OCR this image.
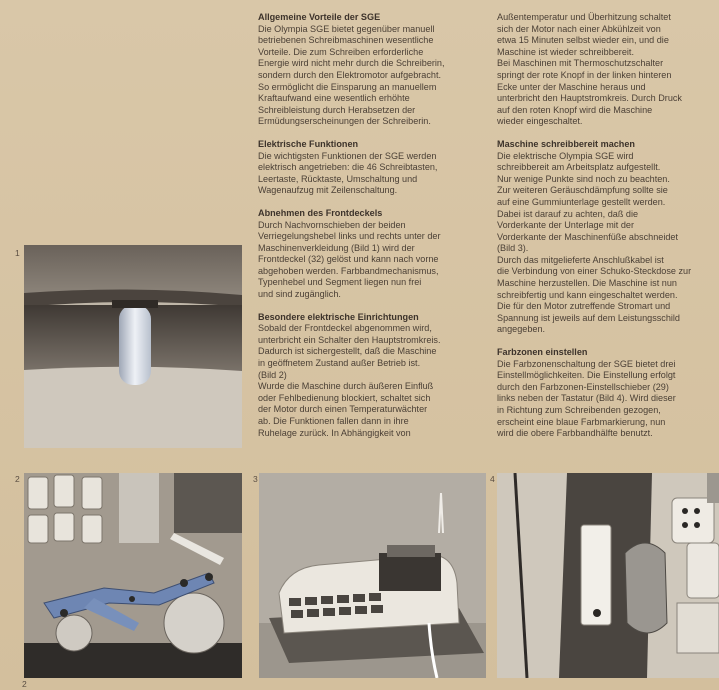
Allgemeine Vorteile der SGE

Die Olympia SGE bietet gegenüber manuell
betriebenen Schreibmaschinen wesentliche
Vorteile. Die zum Schreiben erforderliche
Energie wird nicht mehr durch die Schreiberin,
sondern durch den Elektromotor aufgebracht.
So ermöglicht die Einsparung an manuellem
Kraftaufwand eine wesentlich erhöhte
Schreibleistung durch Herabsetzen der
Ermüdungserscheinungen der Schreiberin.

Elektrische Funktionen

Die wichtigsten Funktionen der SGE werden
elektrisch angetrieben: die 46 Schreibtasten,
Leertaste, Rücktaste, Umschaltung und
Wagenaufzug mit Zeilenschaltung.

Abnehmen des Frontdeckels

Durch Nachvornschieben der beiden
Verriegelungshebel links und rechts unter der
Maschinenverkleidung (Bild 1) wird der
Frontdeckel (32) gelöst und kann nach vorne
abgehoben werden. Farbbandmechanismus,
Typenhebel und Segment liegen nun frei
und sind zugänglich.

Besondere elektrische Einrichtungen

Sobald der Frontdeckel abgenommen wird,
unterbricht ein Schalter den Hauptstromkreis.
Dadurch ist sichergestellt, daß die Maschine
in geöffnetem Zustand außer Betrieb ist.
(Bild 2)
Wurde die Maschine durch äußeren Einfluß
oder Fehlbedienung blockiert, schaltet sich
der Motor durch einen Temperaturwächter
ab. Die Funktionen fallen dann in ihre
Ruhelage zurück. In Abhängigkeit von

Außentemperatur und Überhitzung schaltet
sich der Motor nach einer Abkühlzeit von
etwa 15 Minuten selbst wieder ein, und die
Maschine ist wieder schreibbereit.
Bei Maschinen mit Thermoschutzschalter
springt der rote Knopf in der linken hinteren
Ecke unter der Maschine heraus und
unterbricht den Hauptstromkreis. Durch Druck
auf den roten Knopf wird die Maschine
wieder eingeschaltet.

Maschine schreibbereit machen

Die elektrische Olympia SGE wird
schreibbereit am Arbeitsplatz aufgestellt.
Nur wenige Punkte sind noch zu beachten.
Zur weiteren Geräuschdämpfung sollte sie
auf eine Gummiunterlage gestellt werden.
Dabei ist darauf zu achten, daß die
Vorderkante der Unterlage mit der
Vorderkante der Maschinenfüße abschneidet
(Bild 3).
Durch das mitgelieferte Anschlußkabel ist
die Verbindung von einer Schuko-Steckdose zur
Maschine herzustellen. Die Maschine ist nun
schreibfertig und kann eingeschaltet werden.
Die für den Motor zutreffende Stromart und
Spannung ist jeweils auf dem Leistungsschild
angegeben.

Farbzonen einstellen

Die Farbzonenschaltung der SGE bietet drei
Einstellmöglichkeiten. Die Einstellung erfolgt
durch den Farbzonen-Einstellschieber (29)
links neben der Tastatur (Bild 4). Wird dieser
in Richtung zum Schreibenden gezogen,
erscheint eine blaue Farbmarkierung, nun
wird die obere Farbbandhälfte benutzt.

1
2	3	4
2
